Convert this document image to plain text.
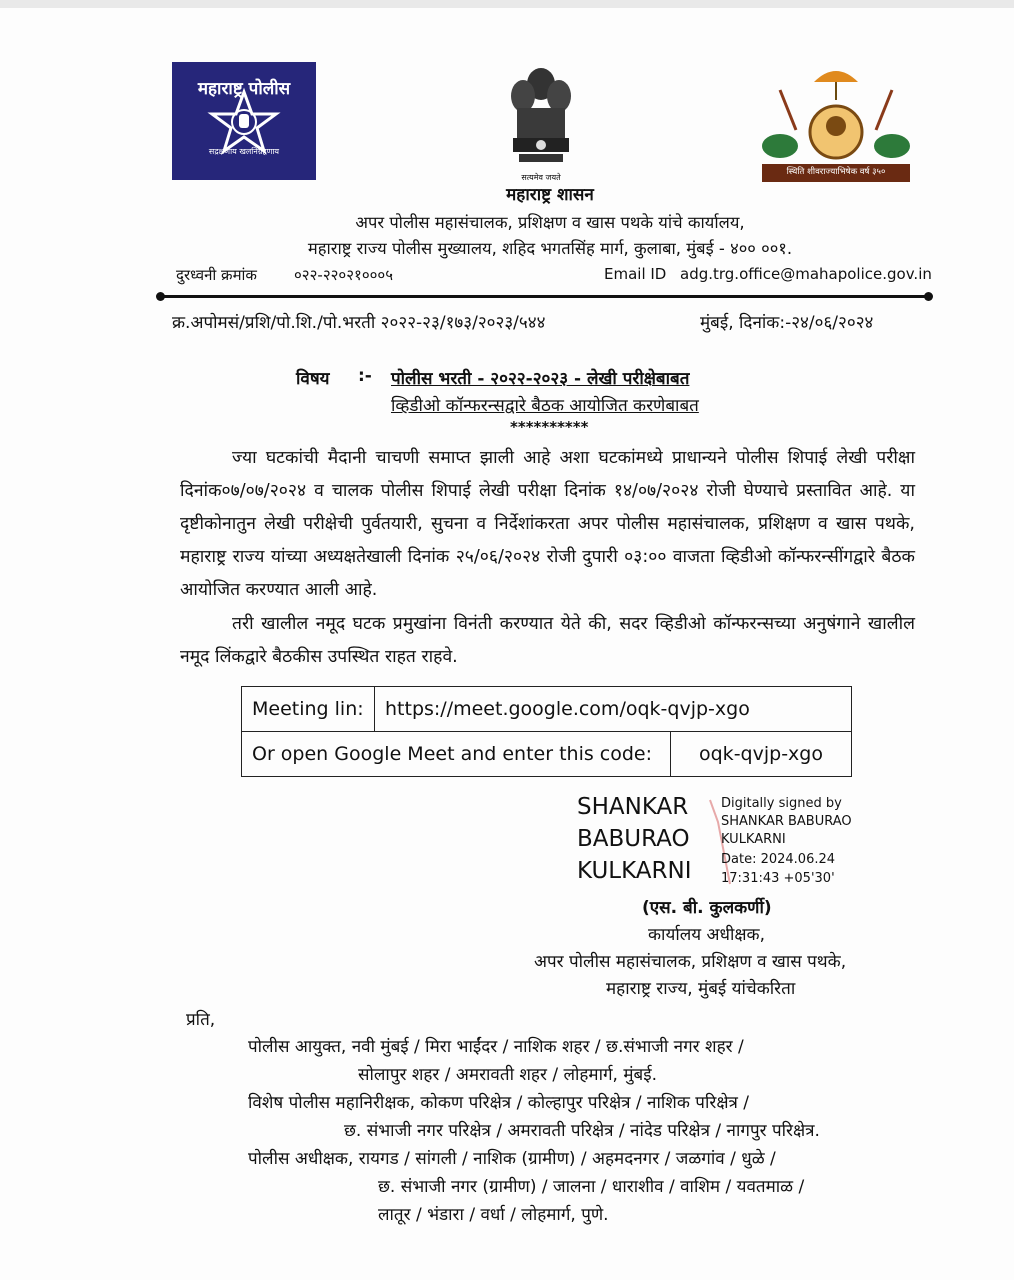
महाराष्ट्र पोलीस
सद्रक्षणाय खलनिग्रहणाय
सत्यमेव जयते
स्थिति शीवराज्याभिषेक वर्ष ३५०
महाराष्ट्र शासन
अपर पोलीस महासंचालक, प्रशिक्षण व खास पथके यांचे कार्यालय,
महाराष्ट्र राज्य पोलीस मुख्यालय, शहिद भगतसिंह मार्ग, कुलाबा, मुंबई - ४०० ००१.
दुरध्वनी क्रमांक ०२२-२२०२१०००५	Email ID adg.trg.office@mahapolice.gov.in
क्र.अपोमसं/प्रशि/पो.शि./पो.भरती २०२२-२३/१७३/२०२३/५४४	मुंबई, दिनांक:-२४/०६/२०२४
विषय :- पोलीस भरती - २०२२-२०२३ - लेखी परीक्षेबाबत
व्हिडीओ कॉन्फरन्सद्वारे बैठक आयोजित करणेबाबत
**********

ज्या घटकांची मैदानी चाचणी समाप्त झाली आहे अशा घटकांमध्ये प्राधान्यने पोलीस शिपाई लेखी परीक्षा दिनांक०७/०७/२०२४ व चालक पोलीस शिपाई लेखी परीक्षा दिनांक १४/०७/२०२४ रोजी घेण्याचे प्रस्तावित आहे. या दृष्टीकोनातुन लेखी परीक्षेची पुर्वतयारी, सुचना व निर्देशांकरता अपर पोलीस महासंचालक, प्रशिक्षण व खास पथके, महाराष्ट्र राज्य यांच्या अध्यक्षतेखाली दिनांक २५/०६/२०२४ रोजी दुपारी ०३:०० वाजता व्हिडीओ कॉन्फरन्सींगद्वारे बैठक आयोजित करण्यात आली आहे.

तरी खालील नमूद घटक प्रमुखांना विनंती करण्यात येते की, सदर व्हिडीओ कॉन्फरन्सच्या अनुषंगाने खालील नमूद लिंकद्वारे बैठकीस उपस्थित राहत राहवे.

Meeting lin:	https://meet.google.com/oqk-qvjp-xgo	
Or open Google Meet and enter this code:		oqk-qvjp-xgo
SHANKAR
BABURAO
KULKARNI
Digitally signed by
SHANKAR BABURAO
KULKARNI
Date: 2024.06.24
17:31:43 +05'30'
(एस. बी. कुलकर्णी)
कार्यालय अधीक्षक,
अपर पोलीस महासंचालक, प्रशिक्षण व खास पथके,
महाराष्ट्र राज्य, मुंबई यांचेकरिता
प्रति,
पोलीस आयुक्त, नवी मुंबई / मिरा भाईंदर / नाशिक शहर / छ.संभाजी नगर शहर /
सोलापुर शहर / अमरावती शहर / लोहमार्ग, मुंबई.
विशेष पोलीस महानिरीक्षक, कोकण परिक्षेत्र / कोल्हापुर परिक्षेत्र / नाशिक परिक्षेत्र /
छ. संभाजी नगर परिक्षेत्र / अमरावती परिक्षेत्र / नांदेड परिक्षेत्र / नागपुर परिक्षेत्र.
पोलीस अधीक्षक, रायगड / सांगली / नाशिक (ग्रामीण) / अहमदनगर / जळगांव / धुळे /
छ. संभाजी नगर (ग्रामीण) / जालना / धाराशीव / वाशिम / यवतमाळ /
लातूर / भंडारा / वर्धा / लोहमार्ग, पुणे.
